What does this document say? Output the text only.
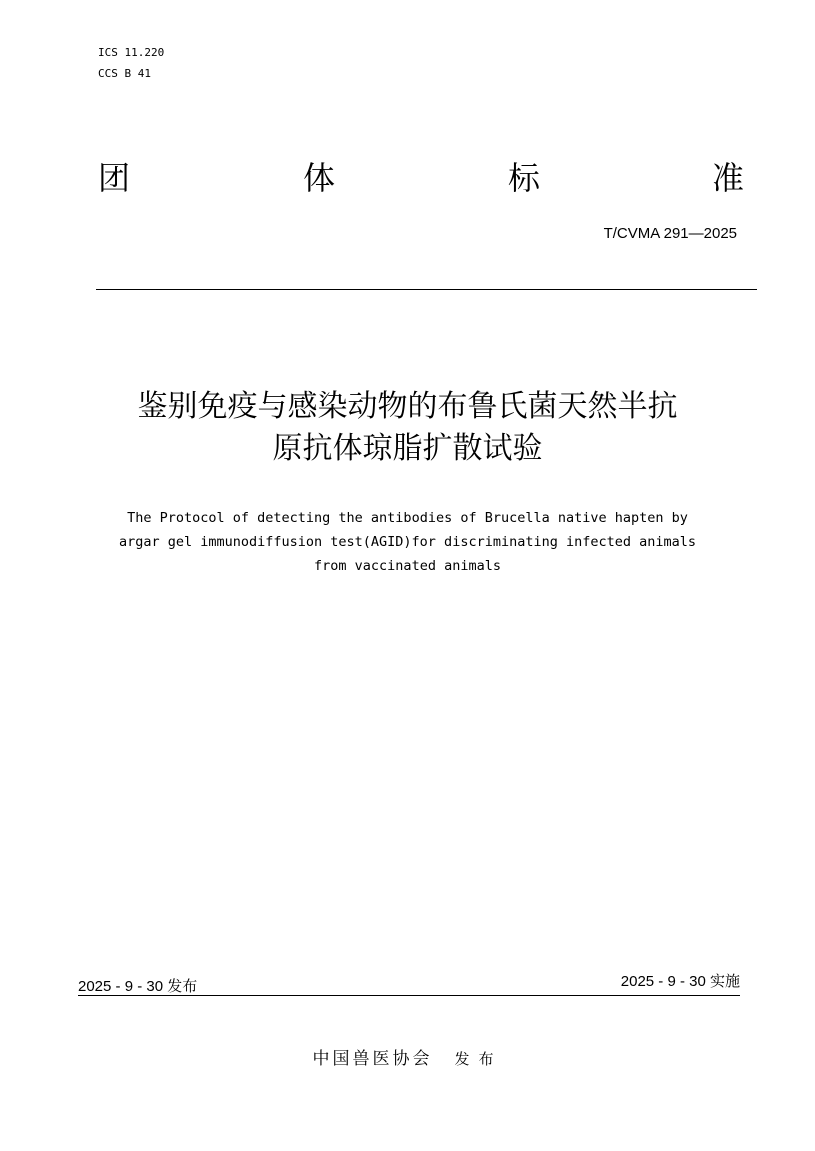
ICS 11.220
CCS B 41
团	体	标	准
T/CVMA 291—2025
鉴别免疫与感染动物的布鲁氏菌天然半抗
原抗体琼脂扩散试验
The Protocol of detecting the antibodies of Brucella native hapten by
argar gel immunodiffusion test(AGID)for discriminating infected animals
from vaccinated animals
2025 - 9 - 30 发布	2025 - 9 - 30 实施
中国兽医协会 发布
